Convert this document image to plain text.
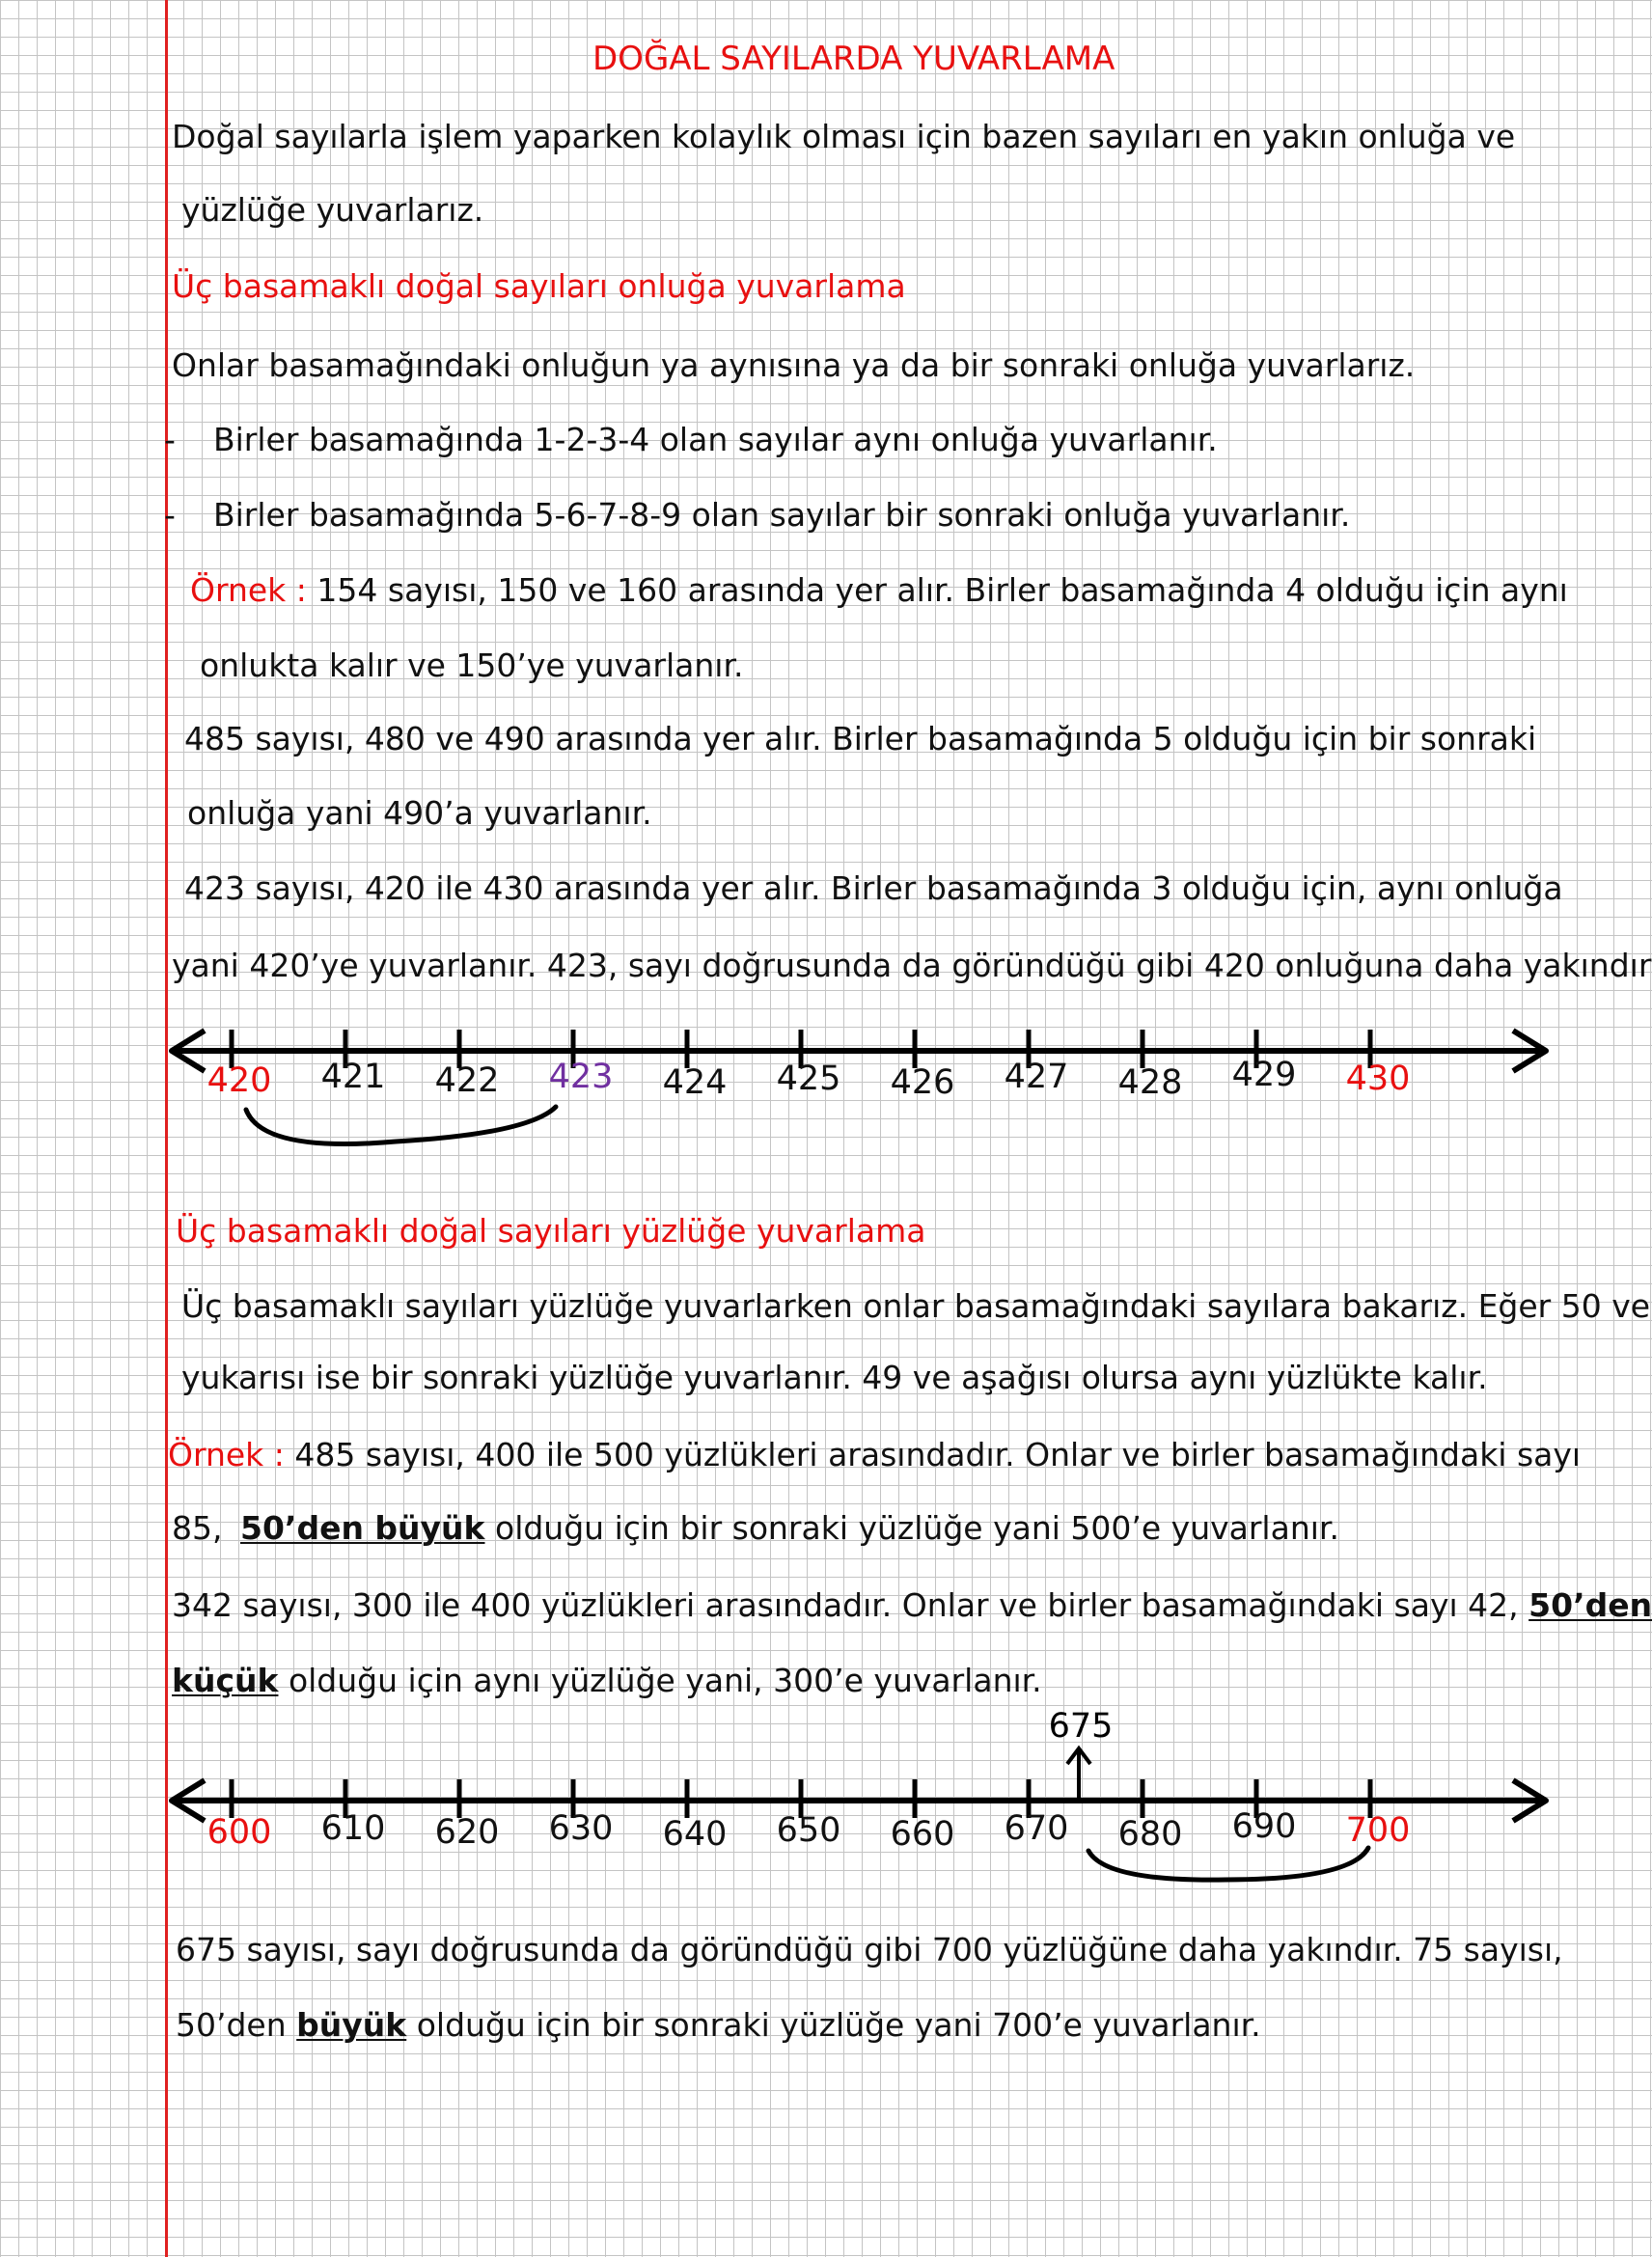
DOĞAL SAYILARDA YUVARLAMA
Doğal sayılarla işlem yaparken kolaylık olması için bazen sayıları en yakın onluğa ve
yüzlüğe yuvarlarız.
Üç basamaklı doğal sayıları onluğa yuvarlama
Onlar basamağındaki onluğun ya aynısına ya da bir sonraki onluğa yuvarlarız.
- Birler basamağında 1-2-3-4 olan sayılar aynı onluğa yuvarlanır.
- Birler basamağında 5-6-7-8-9 olan sayılar bir sonraki onluğa yuvarlanır.
Örnek : 154 sayısı, 150 ve 160 arasında yer alır. Birler basamağında 4 olduğu için aynı
onlukta kalır ve 150’ye yuvarlanır.
485 sayısı, 480 ve 490 arasında yer alır. Birler basamağında 5 olduğu için bir sonraki
onluğa yani 490’a yuvarlanır.
423 sayısı, 420 ile 430 arasında yer alır. Birler basamağında 3 olduğu için, aynı onluğa
yani 420’ye yuvarlanır. 423, sayı doğrusunda da göründüğü gibi 420 onluğuna daha yakındır
420 421 422 423 424 425 426 427 428 429 430
Üç basamaklı doğal sayıları yüzlüğe yuvarlama
Üç basamaklı sayıları yüzlüğe yuvarlarken onlar basamağındaki sayılara bakarız. Eğer 50 ve
yukarısı ise bir sonraki yüzlüğe yuvarlanır. 49 ve aşağısı olursa aynı yüzlükte kalır.
Örnek : 485 sayısı, 400 ile 500 yüzlükleri arasındadır. Onlar ve birler basamağındaki sayı
85, 50’den büyük olduğu için bir sonraki yüzlüğe yani 500’e yuvarlanır.
342 sayısı, 300 ile 400 yüzlükleri arasındadır. Onlar ve birler basamağındaki sayı 42, 50’den
küçük olduğu için aynı yüzlüğe yani, 300’e yuvarlanır.
600 610 620 630 640 650 660 670 680 690 700
675
675 sayısı, sayı doğrusunda da göründüğü gibi 700 yüzlüğüne daha yakındır. 75 sayısı,
50’den büyük olduğu için bir sonraki yüzlüğe yani 700’e yuvarlanır.
